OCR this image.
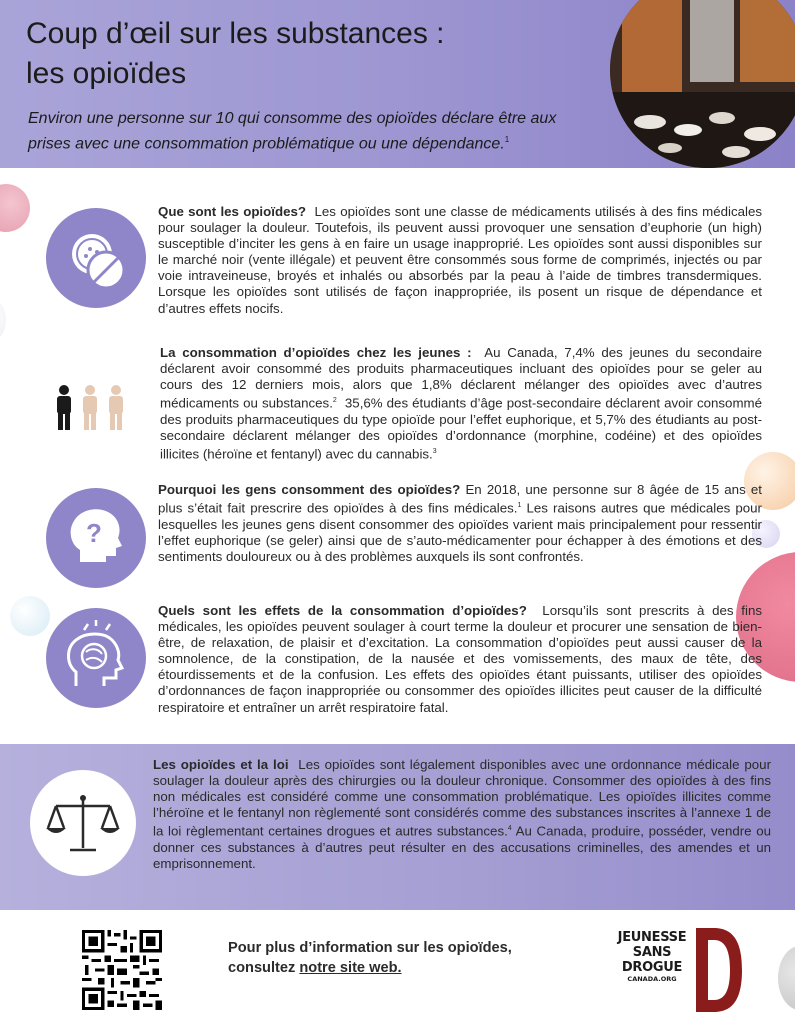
Coup d’œil sur les substances :
les opioïdes
Environ une personne sur 10 qui consomme des opioïdes déclare être aux prises avec une consommation problématique ou une dépendance.$^1$
Que sont les opioïdes? Les opioïdes sont une classe de médicaments utilisés à des fins médicales pour soulager la douleur. Toutefois, ils peuvent aussi provoquer une sensation d’euphorie (un high) susceptible d’inciter les gens à en faire un usage inapproprié. Les opioïdes sont aussi disponibles sur le marché noir (vente illégale) et peuvent être consommés sous forme de comprimés, injectés ou par voie intraveineuse, broyés et inhalés ou absorbés par la peau à l’aide de timbres transdermiques. Lorsque les opioïdes sont utilisés de façon inappropriée, ils posent un risque de dépendance et d’autres effets nocifs.
La consommation d’opioïdes chez les jeunes : Au Canada, 7,4% des jeunes du secondaire déclarent avoir consommé des produits pharmaceutiques incluant des opioïdes pour se geler au cours des 12 derniers mois, alors que 1,8% déclarent mélanger des opioïdes avec d’autres médicaments ou substances.$^2$ 35,6% des étudiants d’âge post-secondaire déclarent avoir consommé des produits pharmaceutiques du type opioïde pour l’effet euphorique, et 5,7% des étudiants au post-secondaire déclarent mélanger des opioïdes d’ordonnance (morphine, codéine) et des opioïdes illicites (héroïne et fentanyl) avec du cannabis.$^3$
?
Pourquoi les gens consomment des opioïdes? En 2018, une personne sur 8 âgée de 15 ans et plus s’était fait prescrire des opioïdes à des fins médicales.$^1$ Les raisons autres que médicales pour lesquelles les jeunes gens disent consommer des opioïdes varient mais principalement pour ressentir l’effet euphorique (se geler) ainsi que de s’auto-médicamenter pour échapper à des émotions et des sentiments douloureux ou à des problèmes auxquels ils sont confrontés.
Quels sont les effets de la consommation d’opioïdes? Lorsqu’ils sont prescrits à des fins médicales, les opioïdes peuvent soulager à court terme la douleur et procurer une sensation de bien-être, de relaxation, de plaisir et d’excitation. La consommation d’opioïdes peut aussi causer de la somnolence, de la constipation, de la nausée et des vomissements, des maux de tête, des étourdissements et de la confusion. Les effets des opioïdes étant puissants, utiliser des opioïdes d’ordonnances de façon inappropriée ou consommer des opioïdes illicites peut causer de la difficulté respiratoire et entraîner un arrêt respiratoire fatal.
Les opioïdes et la loi Les opioïdes sont légalement disponibles avec une ordonnance médicale pour soulager la douleur après des chirurgies ou la douleur chronique. Consommer des opioïdes à des fins non médicales est considéré comme une consommation problématique. Les opioïdes illicites comme l’héroïne et le fentanyl non règlementé sont considérés comme des substances inscrites à l’annexe 1 de la loi règlementant certaines drogues et autres substances.$^4$ Au Canada, produire, posséder, vendre ou donner ces substances à d’autres peut résulter en des accusations criminelles, des amendes et un emprisonnement.
Pour plus d’information sur les opioïdes,
consultez notre site web.
JEUNESSE
SANS
DROGUE
CANADA.ORG
